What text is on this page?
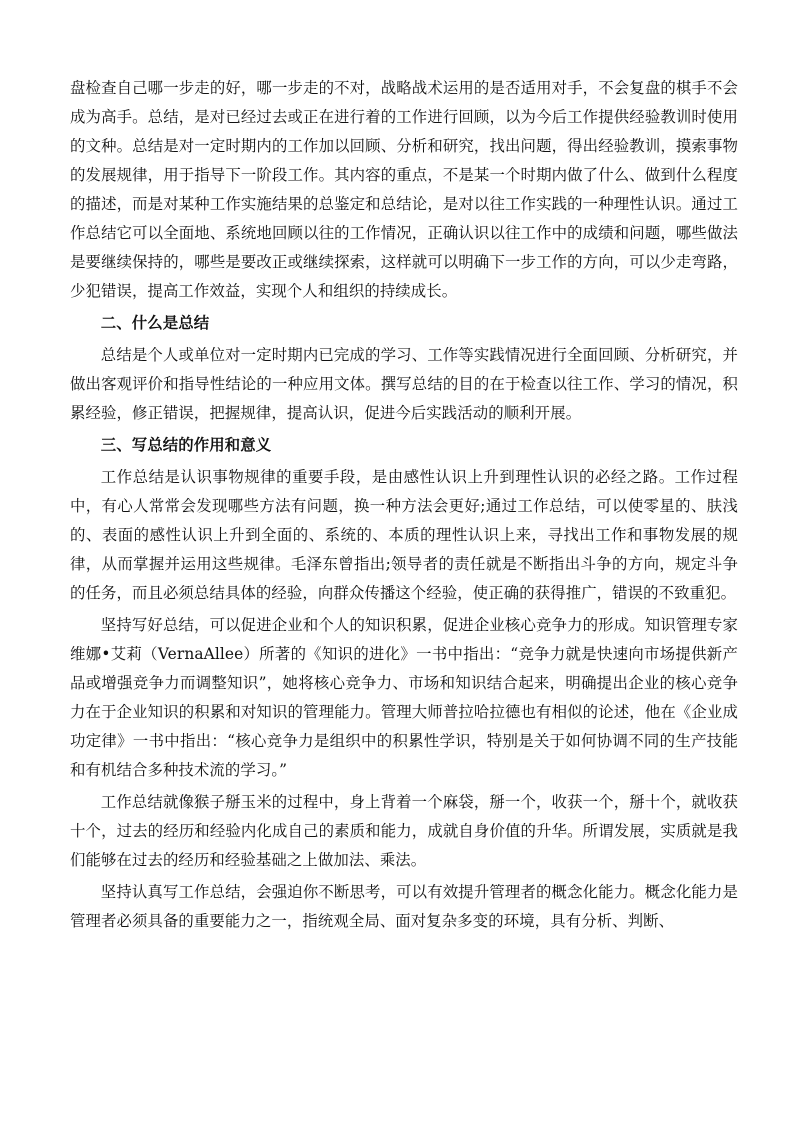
盘检查自己哪一步走的好，哪一步走的不对，战略战术运用的是否适用对手，不会复盘的棋手不会成为高手。总结，是对已经过去或正在进行着的工作进行回顾，以为今后工作提供经验教训时使用的文种。总结是对一定时期内的工作加以回顾、分析和研究，找出问题，得出经验教训，摸索事物的发展规律，用于指导下一阶段工作。其内容的重点，不是某一个时期内做了什么、做到什么程度的描述，而是对某种工作实施结果的总鉴定和总结论，是对以往工作实践的一种理性认识。通过工作总结它可以全面地、系统地回顾以往的工作情况，正确认识以往工作中的成绩和问题，哪些做法是要继续保持的，哪些是要改正或继续探索，这样就可以明确下一步工作的方向，可以少走弯路，少犯错误，提高工作效益，实现个人和组织的持续成长。

二、什么是总结

总结是个人或单位对一定时期内已完成的学习、工作等实践情况进行全面回顾、分析研究，并做出客观评价和指导性结论的一种应用文体。撰写总结的目的在于检查以往工作、学习的情况，积累经验，修正错误，把握规律，提高认识，促进今后实践活动的顺利开展。

三、写总结的作用和意义

工作总结是认识事物规律的重要手段，是由感性认识上升到理性认识的必经之路。工作过程中，有心人常常会发现哪些方法有问题，换一种方法会更好;通过工作总结，可以使零星的、肤浅的、表面的感性认识上升到全面的、系统的、本质的理性认识上来，寻找出工作和事物发展的规律，从而掌握并运用这些规律。毛泽东曾指出;领导者的责任就是不断指出斗争的方向，规定斗争的任务，而且必须总结具体的经验，向群众传播这个经验，使正确的获得推广，错误的不致重犯。

坚持写好总结，可以促进企业和个人的知识积累，促进企业核心竞争力的形成。知识管理专家维娜•艾莉（VernaAllee）所著的《知识的进化》一书中指出：“竞争力就是快速向市场提供新产品或增强竞争力而调整知识”，她将核心竞争力、市场和知识结合起来，明确提出企业的核心竞争力在于企业知识的积累和对知识的管理能力。管理大师普拉哈拉德也有相似的论述，他在《企业成功定律》一书中指出：“核心竞争力是组织中的积累性学识，特别是关于如何协调不同的生产技能和有机结合多种技术流的学习。”

工作总结就像猴子掰玉米的过程中，身上背着一个麻袋，掰一个，收获一个，掰十个，就收获十个，过去的经历和经验内化成自己的素质和能力，成就自身价值的升华。所谓发展，实质就是我们能够在过去的经历和经验基础之上做加法、乘法。

坚持认真写工作总结，会强迫你不断思考，可以有效提升管理者的概念化能力。概念化能力是管理者必须具备的重要能力之一，指统观全局、面对复杂多变的环境，具有分析、判断、
